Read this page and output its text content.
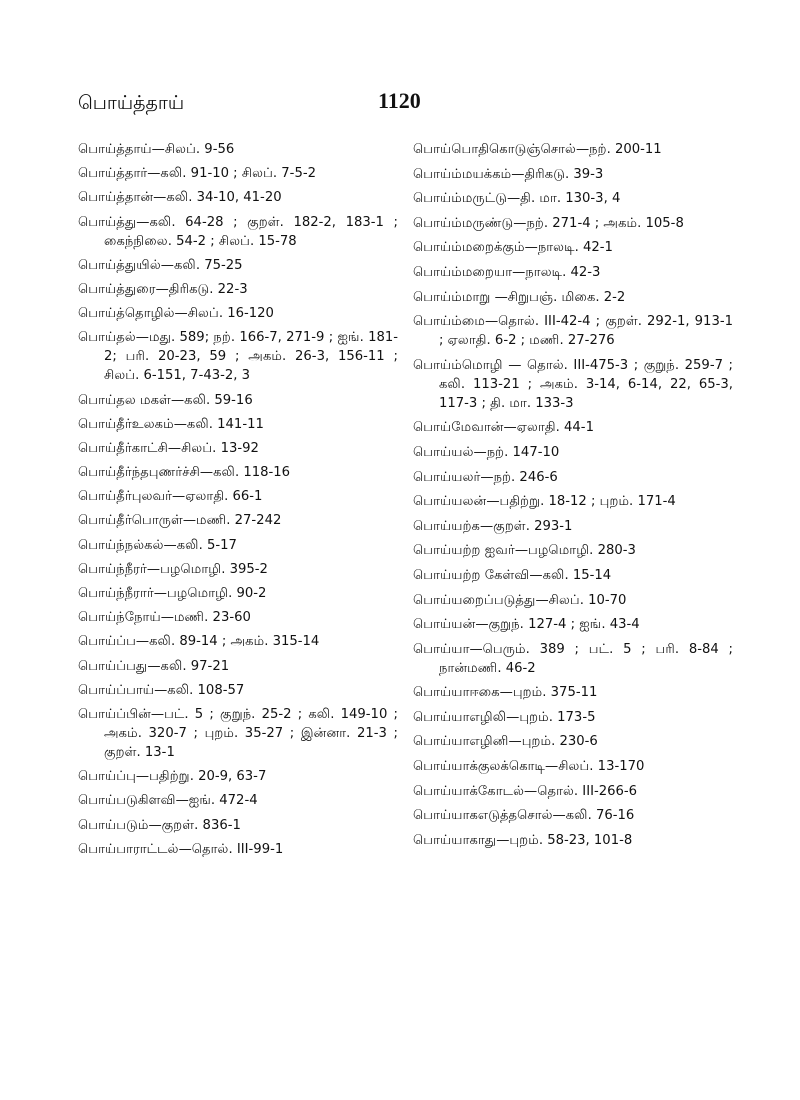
பொய்த்தாய்	1120
பொய்த்தாய்—சிலப். 9-56
பொய்த்தார்—கலி. 91-10 ; சிலப். 7-5-2
பொய்த்தான்—கலி. 34-10, 41-20
பொய்த்து—கலி. 64-28 ; குறள். 182-2, 183-1 ; கைந்நிலை. 54-2 ; சிலப். 15-78
பொய்த்துயில்—கலி. 75-25
பொய்த்துரை—திரிகடு. 22-3
பொய்த்தொழில்—சிலப். 16-120
பொய்தல்—மது. 589; நற். 166-7, 271-9 ; ஐங். 181-2; பரி. 20-23, 59 ; அகம். 26-3, 156-11 ; சிலப். 6-151, 7-43-2, 3
பொய்தல மகள்—கலி. 59-16
பொய்தீர்உலகம்—கலி. 141-11
பொய்தீர்காட்சி—சிலப். 13-92
பொய்தீர்ந்தபுணர்ச்சி—கலி. 118-16
பொய்தீர்புலவர்—ஏலாதி. 66-1
பொய்தீர்பொருள்—மணி. 27-242
பொய்ந்நல்கல்—கலி. 5-17
பொய்ந்நீரர்—பழமொழி. 395-2
பொய்ந்நீரார்—பழமொழி. 90-2
பொய்ந்நோய்—மணி. 23-60
பொய்ப்ப—கலி. 89-14 ; அகம். 315-14
பொய்ப்பது—கலி. 97-21
பொய்ப்பாய்—கலி. 108-57
பொய்ப்பின்—பட். 5 ; குறுந். 25-2 ; கலி. 149-10 ; அகம். 320-7 ; புறம். 35-27 ; இன்னா. 21-3 ; குறள். 13-1
பொய்ப்பு—பதிற்று. 20-9, 63-7
பொய்படுகிளவி—ஐங். 472-4
பொய்படும்—குறள். 836-1
பொய்பாராட்டல்—தொல். III-99-1
பொய்பொதிகொடுஞ்சொல்—நற். 200-11
பொய்ம்மயக்கம்—திரிகடு. 39-3
பொய்ம்மருட்டு—தி. மா. 130-3, 4
பொய்ம்மருண்டு—நற். 271-4 ; அகம். 105-8
பொய்ம்மறைக்கும்—நாலடி. 42-1
பொய்ம்மறையா—நாலடி. 42-3
பொய்ம்மாறு —சிறுபஞ். மிகை. 2-2
பொய்ம்மை—தொல். III-42-4 ; குறள். 292-1, 913-1 ; ஏலாதி. 6-2 ; மணி. 27-276
பொய்ம்மொழி — தொல். III-475-3 ; குறுந். 259-7 ; கலி. 113-21 ; அகம். 3-14, 6-14, 22, 65-3, 117-3 ; தி. மா. 133-3
பொய்மேவான்—ஏலாதி. 44-1
பொய்யல்—நற். 147-10
பொய்யலர்—நற். 246-6
பொய்யலன்—பதிற்று. 18-12 ; புறம். 171-4
பொய்யற்க—குறள். 293-1
பொய்யற்ற ஐவர்—பழமொழி. 280-3
பொய்யற்ற கேள்வி—கலி. 15-14
பொய்யறைப்படுத்து—சிலப். 10-70
பொய்யன்—குறுந். 127-4 ; ஐங். 43-4
பொய்யா—பெரும். 389 ; பட். 5 ; பரி. 8-84 ; நான்மணி. 46-2
பொய்யாஈகை—புறம். 375-11
பொய்யாஎழிலி—புறம். 173-5
பொய்யாஎழினி—புறம். 230-6
பொய்யாக்குலக்கொடி—சிலப். 13-170
பொய்யாக்கோடல்—தொல். III-266-6
பொய்யாகஎடுத்தசொல்—கலி. 76-16
பொய்யாகாது—புறம். 58-23, 101-8
